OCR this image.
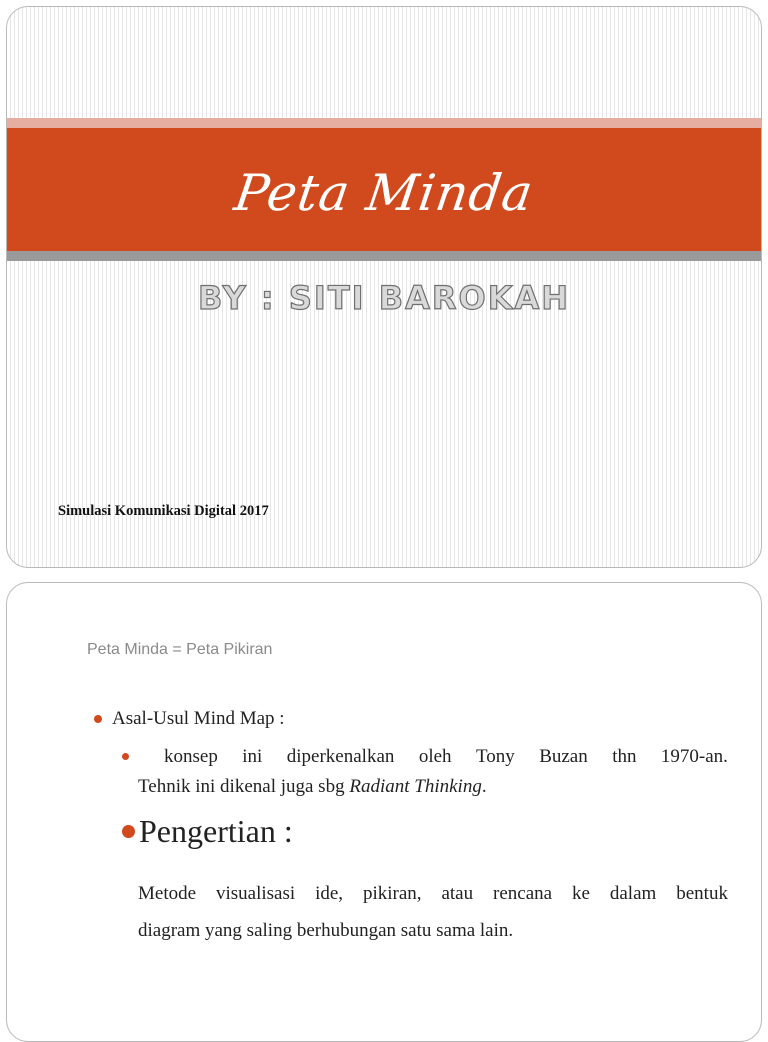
Peta Minda
BY : SITI BAROKAH
Simulasi Komunikasi Digital 2017
Peta Minda = Peta Pikiran
Asal-Usul Mind Map :
konsep ini diperkenalkan oleh Tony Buzan thn 1970-an.
Tehnik ini dikenal juga sbg Radiant Thinking.
Pengertian :
Metode visualisasi ide, pikiran, atau rencana ke dalam bentuk
diagram yang saling berhubungan satu sama lain.
